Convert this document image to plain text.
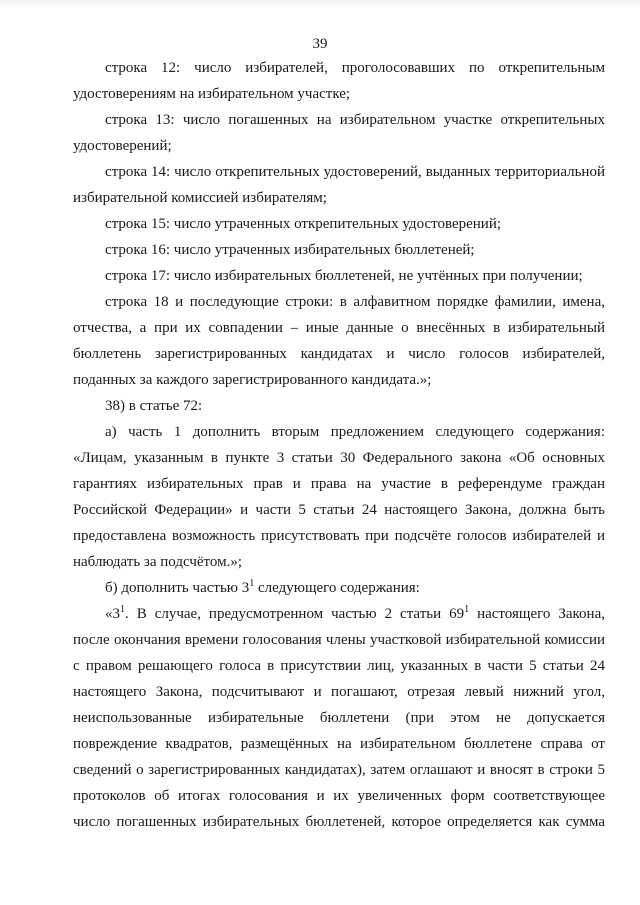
39

строка 12: число избирателей, проголосовавших по открепительным удостоверениям на избирательном участке;

строка 13: число погашенных на избирательном участке открепительных удостоверений;

строка 14: число открепительных удостоверений, выданных территориальной избирательной комиссией избирателям;

строка 15: число утраченных открепительных удостоверений;

строка 16: число утраченных избирательных бюллетеней;

строка 17: число избирательных бюллетеней, не учтённых при получении;

строка 18 и последующие строки: в алфавитном порядке фамилии, имена, отчества, а при их совпадении – иные данные о внесённых в избирательный бюллетень зарегистрированных кандидатах и число голосов избирателей, поданных за каждого зарегистрированного кандидата.»;

38) в статье 72:

а) часть 1 дополнить вторым предложением следующего содержания: «Лицам, указанным в пункте 3 статьи 30 Федерального закона «Об основных гарантиях избирательных прав и права на участие в референдуме граждан Российской Федерации» и части 5 статьи 24 настоящего Закона, должна быть предоставлена возможность присутствовать при подсчёте голосов избирателей и наблюдать за подсчётом.»;

б) дополнить частью $3^1$ следующего содержания:

«$3^1$. В случае, предусмотренном частью 2 статьи $69^1$ настоящего Закона, после окончания времени голосования члены участковой избирательной комиссии с правом решающего голоса в присутствии лиц, указанных в части 5 статьи 24 настоящего Закона, подсчитывают и погашают, отрезая левый нижний угол, неиспользованные избирательные бюллетени (при этом не допускается повреждение квадратов, размещённых на избирательном бюллетене справа от сведений о зарегистрированных кандидатах), затем оглашают и вносят в строки 5 протоколов об итогах голосования и их увеличенных форм соответствующее число погашенных избирательных бюллетеней, которое определяется как сумма
